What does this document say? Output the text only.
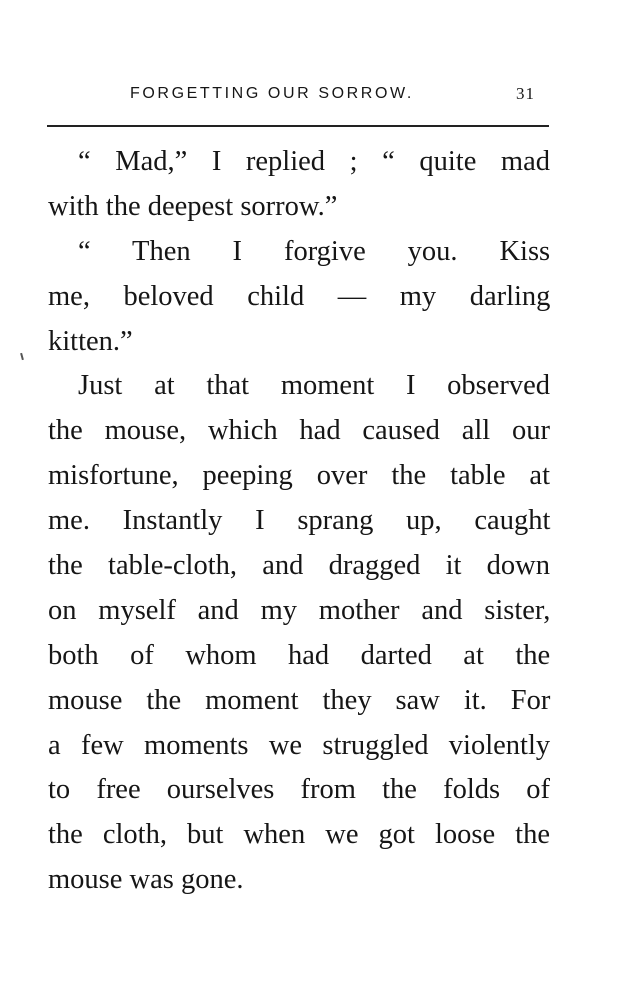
FORGETTING OUR SORROW.	31
“ Mad,” I replied ; “ quite mad
with the deepest sorrow.”
“ Then I forgive you. Kiss
me, beloved child — my darling
kitten.”
Just at that moment I observed
the mouse, which had caused all our
misfortune, peeping over the table at
me. Instantly I sprang up, caught
the table-cloth, and dragged it down
on myself and my mother and sister,
both of whom had darted at the
mouse the moment they saw it. For
a few moments we struggled violently
to free ourselves from the folds of
the cloth, but when we got loose the
mouse was gone.
